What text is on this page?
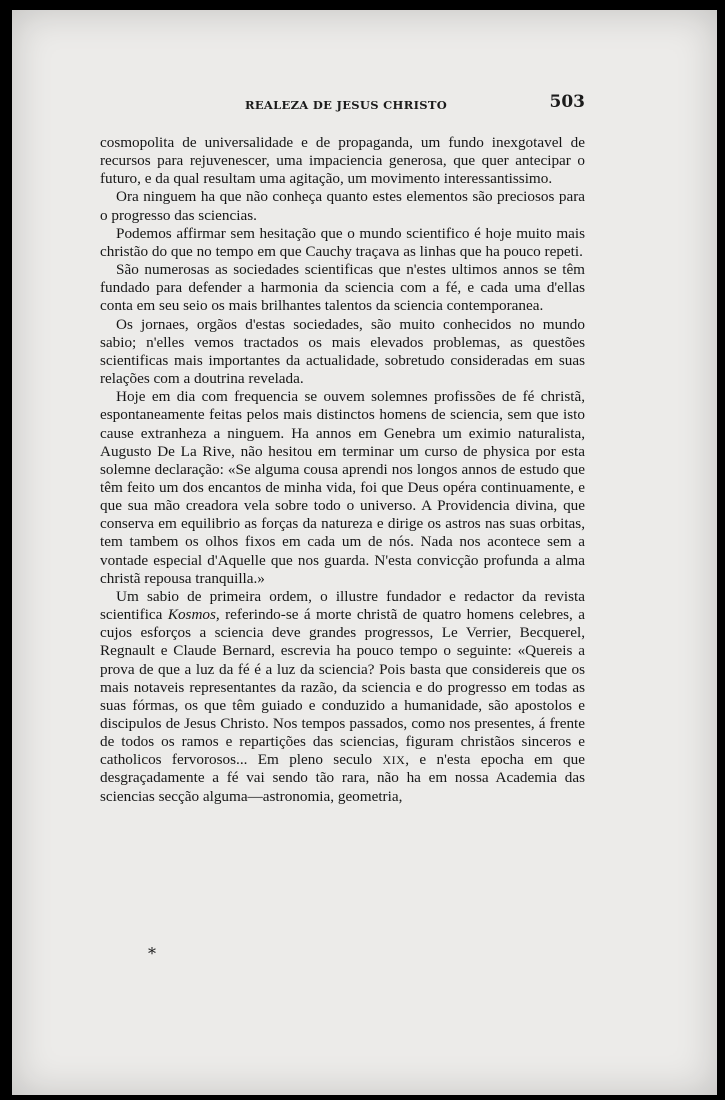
REALEZA DE JESUS CHRISTO	503

cosmopolita de universalidade e de propaganda, um fundo inexgotavel de recursos para rejuvenescer, uma impaciencia generosa, que quer antecipar o futuro, e da qual resultam uma agitação, um movimento interessantissimo.

Ora ninguem ha que não conheça quanto estes elementos são preciosos para o progresso das sciencias.

Podemos affirmar sem hesitação que o mundo scientifico é hoje muito mais christão do que no tempo em que Cauchy traçava as linhas que ha pouco repeti.

São numerosas as sociedades scientificas que n'estes ultimos annos se têm fundado para defender a harmonia da sciencia com a fé, e cada uma d'ellas conta em seu seio os mais brilhantes talentos da sciencia contemporanea.

Os jornaes, orgãos d'estas sociedades, são muito conhecidos no mundo sabio; n'elles vemos tractados os mais elevados problemas, as questões scientificas mais importantes da actualidade, sobretudo consideradas em suas relações com a doutrina revelada.

Hoje em dia com frequencia se ouvem solemnes profissões de fé christã, espontaneamente feitas pelos mais distinctos homens de sciencia, sem que isto cause extranheza a ninguem. Ha annos em Genebra um eximio naturalista, Augusto De La Rive, não hesitou em terminar um curso de physica por esta solemne declaração: «Se alguma cousa aprendi nos longos annos de estudo que têm feito um dos encantos de minha vida, foi que Deus opéra continuamente, e que sua mão creadora vela sobre todo o universo. A Providencia divina, que conserva em equilibrio as forças da natureza e dirige os astros nas suas orbitas, tem tambem os olhos fixos em cada um de nós. Nada nos acontece sem a vontade especial d'Aquelle que nos guarda. N'esta convicção profunda a alma christã repousa tranquilla.»

Um sabio de primeira ordem, o illustre fundador e redactor da revista scientifica Kosmos, referindo-se á morte christã de quatro homens celebres, a cujos esforços a sciencia deve grandes progressos, Le Verrier, Becquerel, Regnault e Claude Bernard, escrevia ha pouco tempo o seguinte: «Quereis a prova de que a luz da fé é a luz da sciencia? Pois basta que considereis que os mais notaveis representantes da razão, da sciencia e do progresso em todas as suas fórmas, os que têm guiado e conduzido a humanidade, são apostolos e discipulos de Jesus Christo. Nos tempos passados, como nos presentes, á frente de todos os ramos e repartições das sciencias, figuram christãos sinceros e catholicos fervorosos... Em pleno seculo XIX, e n'esta epocha em que desgraçadamente a fé vai sendo tão rara, não ha em nossa Academia das sciencias secção alguma—astronomia, geometria,

*
